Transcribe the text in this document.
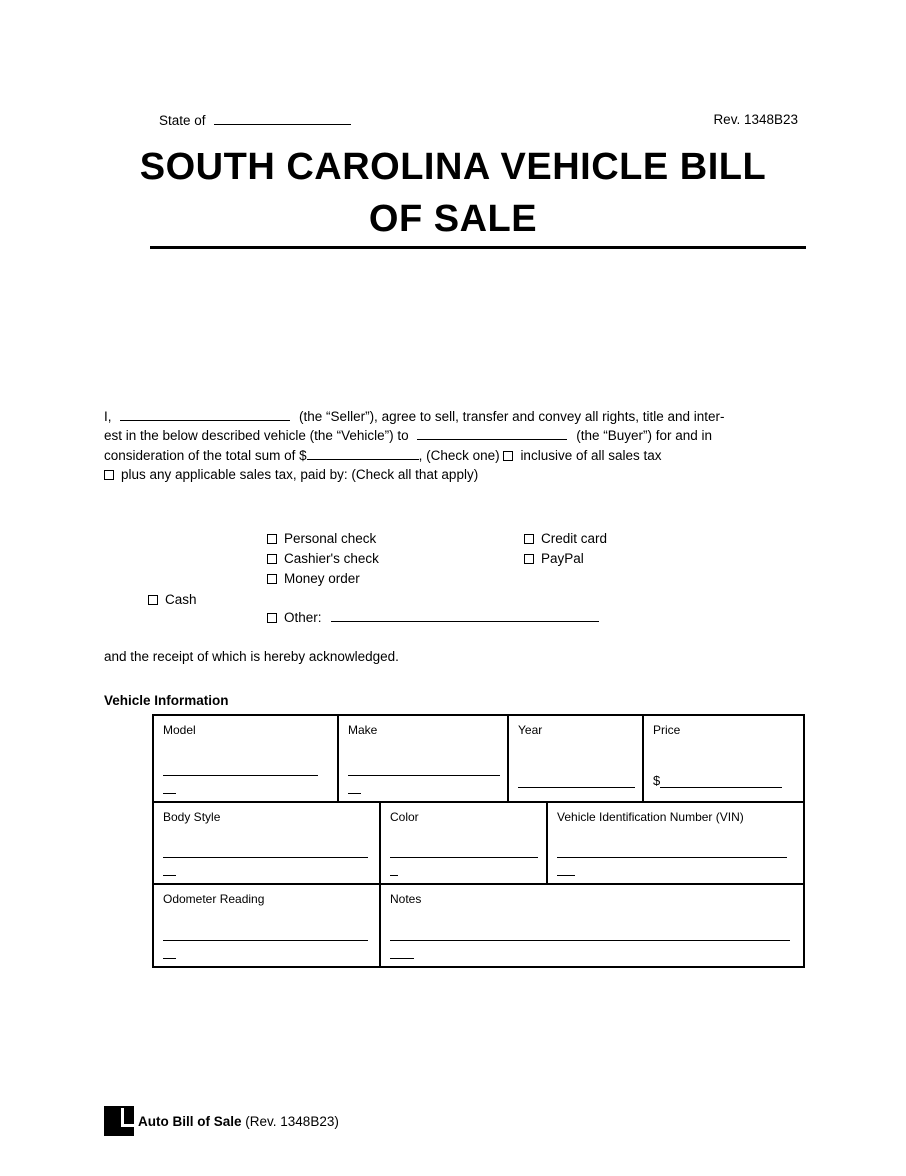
State of	Rev. 1348B23
SOUTH CAROLINA VEHICLE BILL
OF SALE
I,	(the “Seller”), agree to sell, transfer and convey all rights, title and inter-
est in the below described vehicle (the “Vehicle”) to	(the “Buyer”) for and in
consideration of the total sum of $	, (Check one) inclusive of all sales tax
plus any applicable sales tax, paid by: (Check all that apply)
Cash
Personal check
Cashier's check
Money order
Other:
Credit card
PayPal
and the receipt of which is hereby acknowledged.
Vehicle Information
Model	Make	Year	Price
$
Body Style	Color	Vehicle Identification Number (VIN)
Odometer Reading	Notes
Auto Bill of Sale (Rev. 1348B23)
